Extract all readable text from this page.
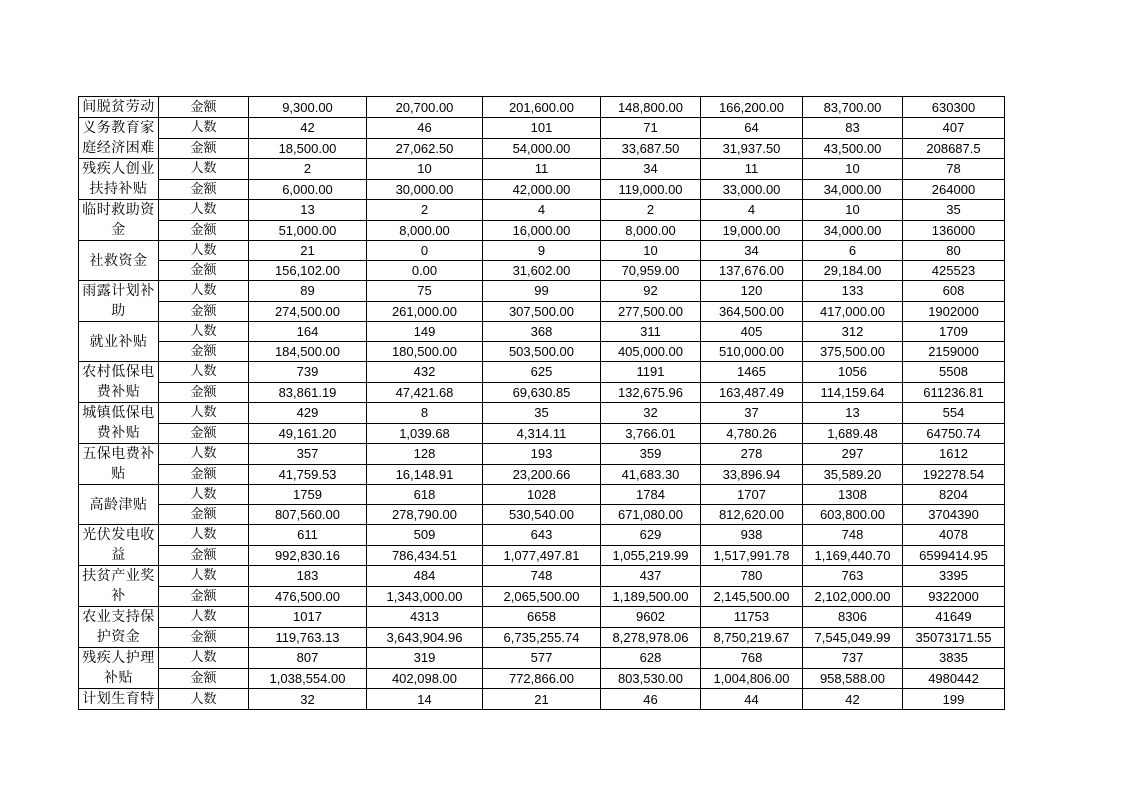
间脱贫劳动	金额	9,300.00	20,700.00	201,600.00	148,800.00	166,200.00	83,700.00	630300
义务教育家庭经济困难	人数	42	46	101	71	64	83	407
	金额	18,500.00	27,062.50	54,000.00	33,687.50	31,937.50	43,500.00	208687.5
残疾人创业扶持补贴	人数	2	10	11	34	11	10	78
	金额	6,000.00	30,000.00	42,000.00	119,000.00	33,000.00	34,000.00	264000
临时救助资金	人数	13	2	4	2	4	10	35
	金额	51,000.00	8,000.00	16,000.00	8,000.00	19,000.00	34,000.00	136000
社救资金	人数	21	0	9	10	34	6	80
	金额	156,102.00	0.00	31,602.00	70,959.00	137,676.00	29,184.00	425523
雨露计划补助	人数	89	75	99	92	120	133	608
	金额	274,500.00	261,000.00	307,500.00	277,500.00	364,500.00	417,000.00	1902000
就业补贴	人数	164	149	368	311	405	312	1709
	金额	184,500.00	180,500.00	503,500.00	405,000.00	510,000.00	375,500.00	2159000
农村低保电费补贴	人数	739	432	625	1191	1465	1056	5508
	金额	83,861.19	47,421.68	69,630.85	132,675.96	163,487.49	114,159.64	611236.81
城镇低保电费补贴	人数	429	8	35	32	37	13	554
	金额	49,161.20	1,039.68	4,314.11	3,766.01	4,780.26	1,689.48	64750.74
五保电费补贴	人数	357	128	193	359	278	297	1612
	金额	41,759.53	16,148.91	23,200.66	41,683.30	33,896.94	35,589.20	192278.54
高龄津贴	人数	1759	618	1028	1784	1707	1308	8204
	金额	807,560.00	278,790.00	530,540.00	671,080.00	812,620.00	603,800.00	3704390
光伏发电收益	人数	611	509	643	629	938	748	4078
	金额	992,830.16	786,434.51	1,077,497.81	1,055,219.99	1,517,991.78	1,169,440.70	6599414.95
扶贫产业奖补	人数	183	484	748	437	780	763	3395
	金额	476,500.00	1,343,000.00	2,065,500.00	1,189,500.00	2,145,500.00	2,102,000.00	9322000
农业支持保护资金	人数	1017	4313	6658	9602	11753	8306	41649
	金额	119,763.13	3,643,904.96	6,735,255.74	8,278,978.06	8,750,219.67	7,545,049.99	35073171.55
残疾人护理补贴	人数	807	319	577	628	768	737	3835
	金额	1,038,554.00	402,098.00	772,866.00	803,530.00	1,004,806.00	958,588.00	4980442
计划生育特	人数	32	14	21	46	44	42	199
